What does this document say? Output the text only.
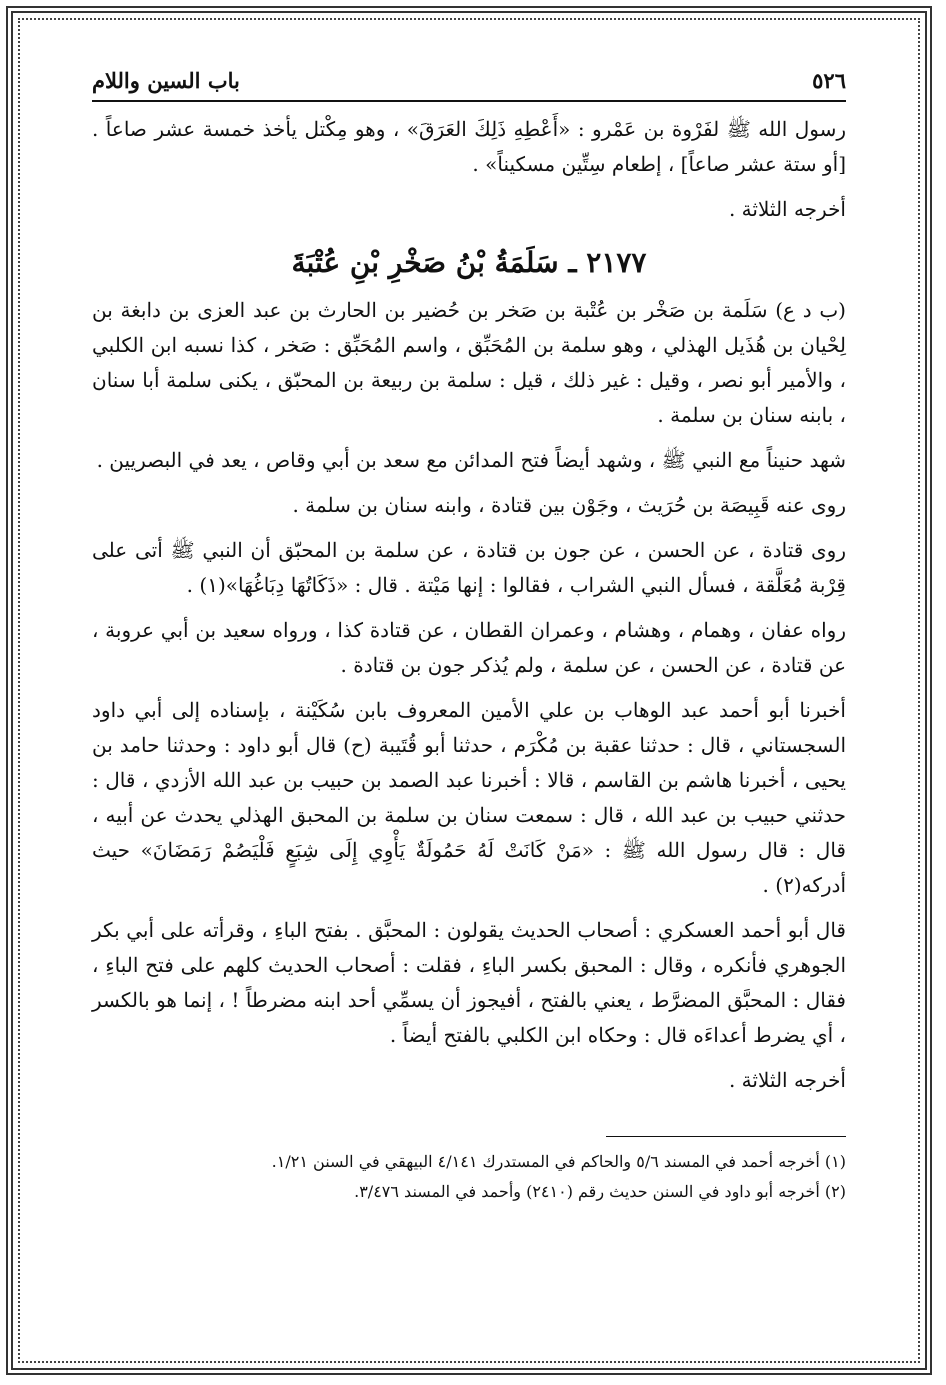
٥٢٦
باب السين واللام

رسول الله ﷺ لفَرْوة بن عَمْرو : «أَعْطِهِ ذَلِكَ العَرَقَ» ، وهو مِكْتل يأخذ خمسة عشر صاعاً . [أو ستة عشر صاعاً] ، إطعام سِتِّين مسكيناً» .

أخرجه الثلاثة .

٢١٧٧ ـ سَلَمَةُ بْنُ صَخْرِ بْنِ عُتْبَةَ

(ب د ع) سَلَمة بن صَخْر بن عُتْبة بن صَخر بن حُضير بن الحارث بن عبد العزى بن دابغة بن لِحْيان بن هُذَيل الهذلي ، وهو سلمة بن المُحَبِّق ، واسم المُحَبِّق : صَخر ، كذا نسبه ابن الكلبي ، والأمير أبو نصر ، وقيل : غير ذلك ، قيل : سلمة بن ربيعة بن المحبّق ، يكنى سلمة أبا سنان ، بابنه سنان بن سلمة .

شهد حنيناً مع النبي ﷺ ، وشهد أيضاً فتح المدائن مع سعد بن أبي وقاص ، يعد في البصريين .

روى عنه قَبِيصَة بن حُرَيث ، وجَوْن بين قتادة ، وابنه سنان بن سلمة .

روى قتادة ، عن الحسن ، عن جون بن قتادة ، عن سلمة بن المحبّق أن النبي ﷺ أتى على قِرْبة مُعَلَّقة ، فسأل النبي الشراب ، فقالوا : إنها مَيْتة . قال : «ذَكَاتُهَا دِبَاغُهَا»(١) .

رواه عفان ، وهمام ، وهشام ، وعمران القطان ، عن قتادة كذا ، ورواه سعيد بن أبي عروبة ، عن قتادة ، عن الحسن ، عن سلمة ، ولم يُذكر جون بن قتادة .

أخبرنا أبو أحمد عبد الوهاب بن علي الأمين المعروف بابن سُكَيْنة ، بإسناده إلى أبي داود السجستاني ، قال : حدثنا عقبة بن مُكْرَم ، حدثنا أبو قُتَيبة (ح) قال أبو داود : وحدثنا حامد بن يحيى ، أخبرنا هاشم بن القاسم ، قالا : أخبرنا عبد الصمد بن حبيب بن عبد الله الأزدي ، قال : حدثني حبيب بن عبد الله ، قال : سمعت سنان بن سلمة بن المحبق الهذلي يحدث عن أبيه ، قال : قال رسول الله ﷺ : «مَنْ كَانَتْ لَهُ حَمُولَةٌ يَأْوِي إِلَى شِبَعٍ فَلْيَصُمْ رَمَضَانَ» حيث أدركه(٢) .

قال أبو أحمد العسكري : أصحاب الحديث يقولون : المحبَّق . بفتح الباءِ ، وقرأته على أبي بكر الجوهري فأنكره ، وقال : المحبق بكسر الباءِ ، فقلت : أصحاب الحديث كلهم على فتح الباءِ ، فقال : المحبَّق المضرَّط ، يعني بالفتح ، أفيجوز أن يسمِّي أحد ابنه مضرطاً ! ، إنما هو بالكسر ، أي يضرط أعداءَه قال : وحكاه ابن الكلبي بالفتح أيضاً .

أخرجه الثلاثة .

(١) أخرجه أحمد في المسند ٥/٦ والحاكم في المستدرك ٤/١٤١ البيهقي في السنن ١/٢١.

(٢) أخرجه أبو داود في السنن حديث رقم (٢٤١٠) وأحمد في المسند ٣/٤٧٦.
